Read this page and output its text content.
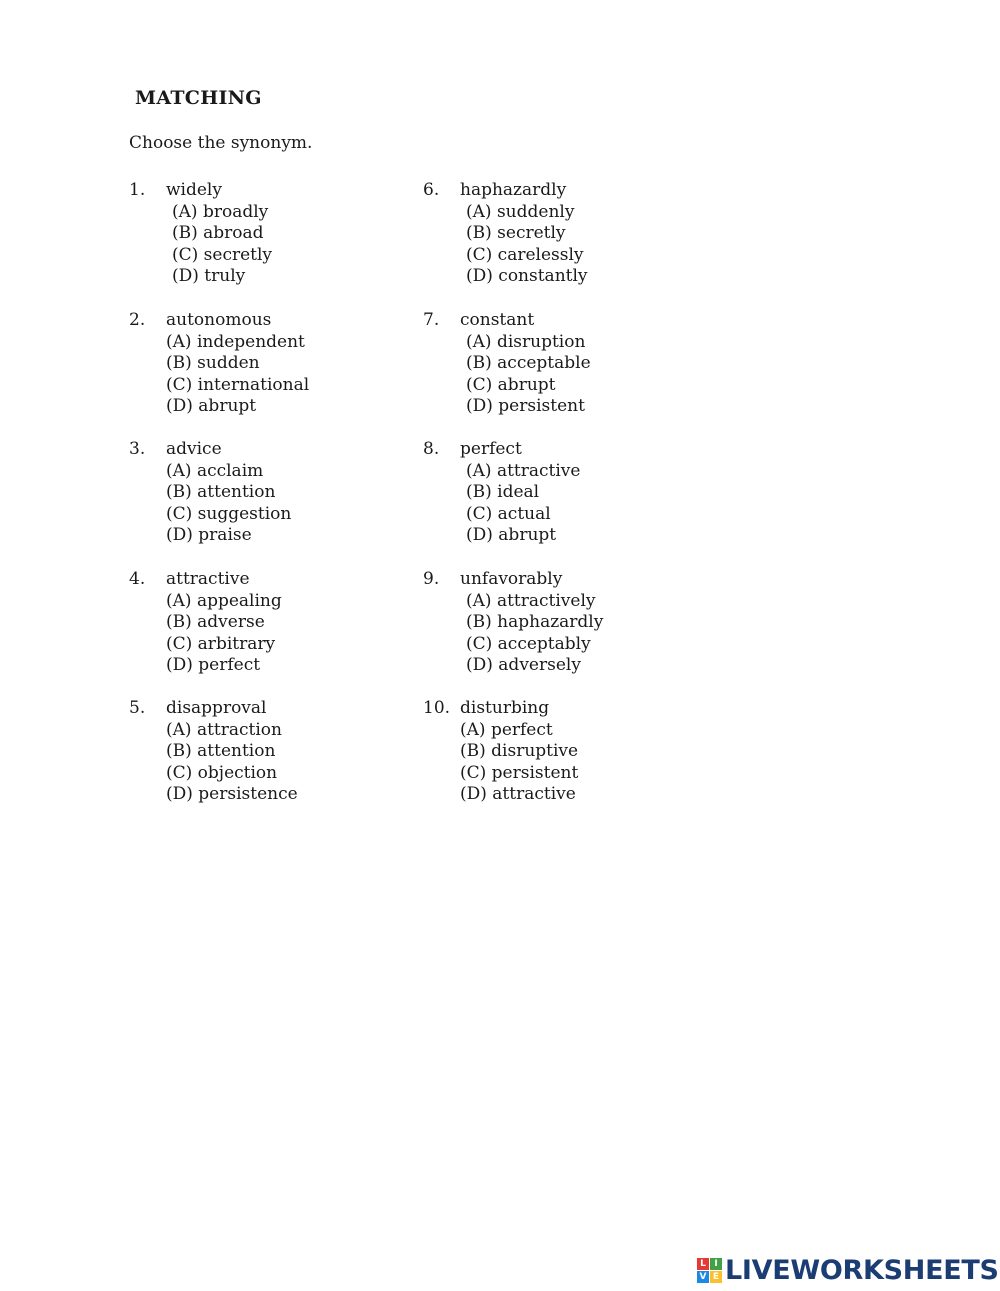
MATCHING
Choose the synonym.
1.	widely
(A) broadly
(B) abroad
(C) secretly
(D) truly
2.	autonomous
(A) independent
(B) sudden
(C) international
(D) abrupt
3.	advice
(A) acclaim
(B) attention
(C) suggestion
(D) praise
4.	attractive
(A) appealing
(B) adverse
(C) arbitrary
(D) perfect
5.	disapproval
(A) attraction
(B) attention
(C) objection
(D) persistence
6.	haphazardly
(A) suddenly
(B) secretly
(C) carelessly
(D) constantly
7.	constant
(A) disruption
(B) acceptable
(C) abrupt
(D) persistent
8.	perfect
(A) attractive
(B) ideal
(C) actual
(D) abrupt
9.	unfavorably
(A) attractively
(B) haphazardly
(C) acceptably
(D) adversely
10. disturbing
(A) perfect
(B) disruptive
(C) persistent
(D) attractive
L I
V E LIVEWORKSHEETS
